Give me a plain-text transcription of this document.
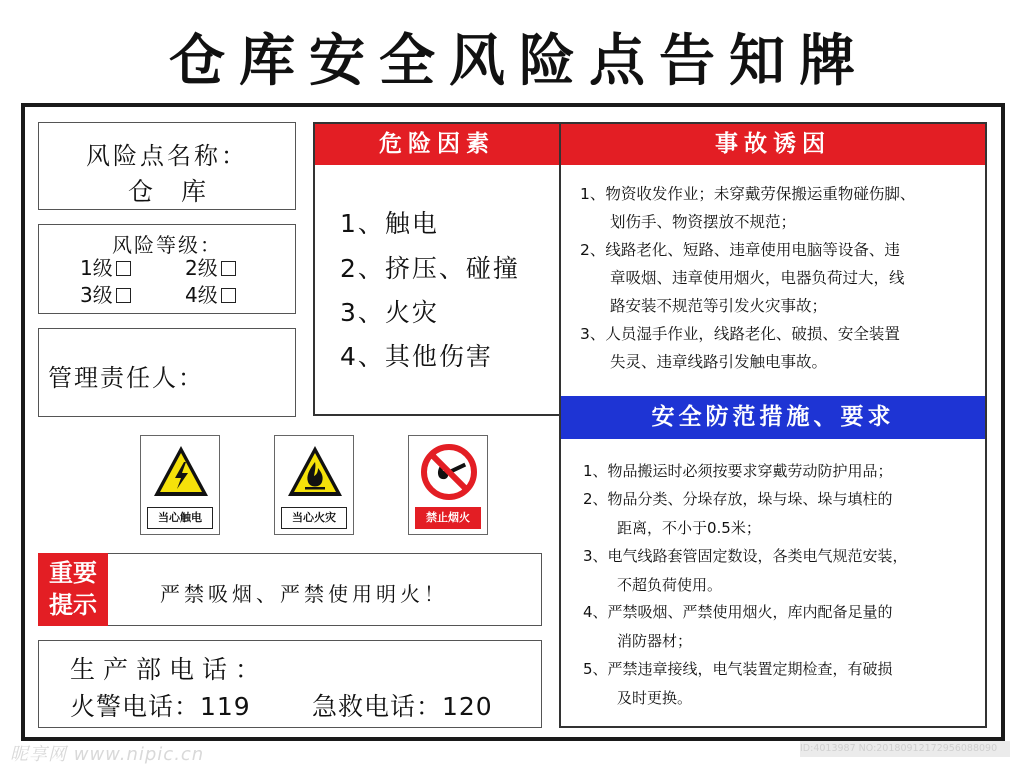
仓库安全风险点告知牌
风险点名称：
仓 库
风险等级：
1级	2级
3级	4级
管理责任人：
危险因素
1、触电
2、挤压、碰撞
3、火灾
4、其他伤害
事故诱因
1、物资收发作业；未穿戴劳保搬运重物碰伤脚、
划伤手、物资摆放不规范；
2、线路老化、短路、违章使用电脑等设备、违
章吸烟、违章使用烟火，电器负荷过大，线
路安装不规范等引发火灾事故；
3、人员湿手作业，线路老化、破损、安全装置
失灵、违章线路引发触电事故。
安全防范措施、要求
1、物品搬运时必须按要求穿戴劳动防护用品；
2、物品分类、分垛存放，垛与垛、垛与填柱的
距离，不小于0.5米；
3、电气线路套管固定数设，各类电气规范安装，
不超负荷使用。
4、严禁吸烟、严禁使用烟火，库内配备足量的
消防器材；
5、严禁违章接线，电气装置定期检查，有破损
及时更换。
当心触电	当心火灾	禁止烟火
重要
提示	严禁吸烟、严禁使用明火！
生产部电话：
火警电话：119 急救电话：120
昵享网 www.nipic.cn	ID:4013987 NO:20180912172956088090
